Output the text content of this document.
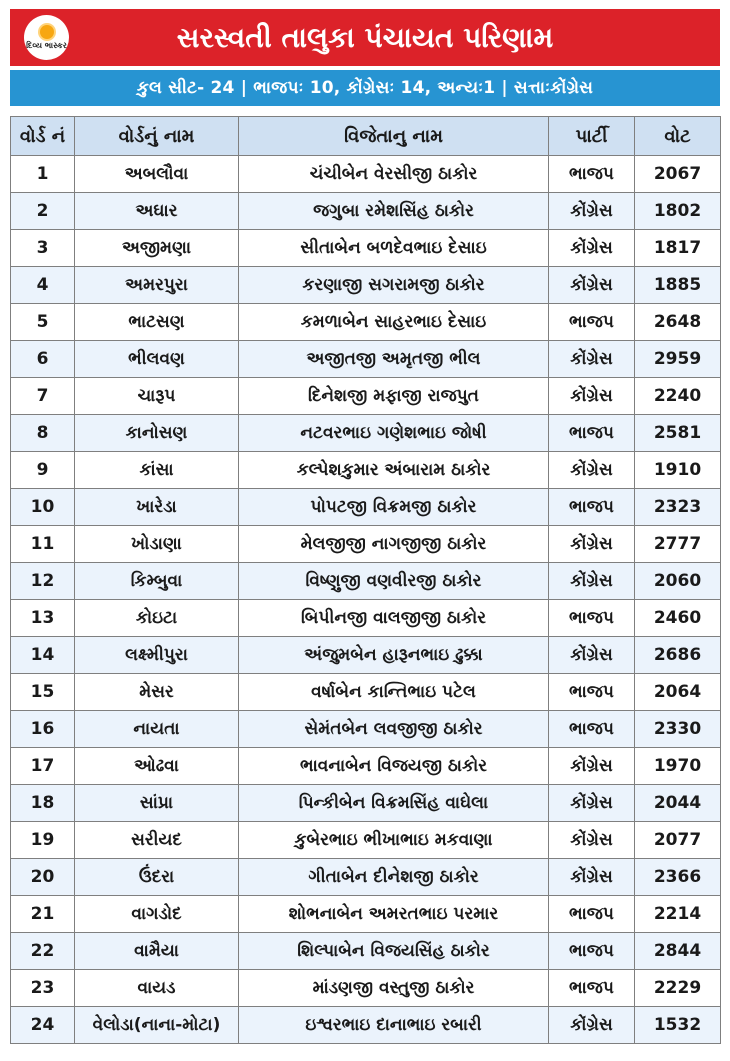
દિવ્ય ભાસ્કર	સરસ્વતી તાલુકા પંચાયત પરિણામ
કુલ સીટ- 24 | ભાજપઃ 10, કોંગ્રેસઃ 14, અન્યઃ1 | સત્તાઃકોંગ્રેસ
વોર્ડ નં	વોર્ડનું નામ	વિજેતાનુ નામ	પાર્ટી	વોટ
1	અબલૌવા	ચંચીબેન વેરસીજી ઠાકોર	ભાજપ	2067
2	અઘાર	જગુબા રમેશસિંહ ઠાકોર	કોંગ્રેસ	1802
3	અજીમણા	સીતાબેન બળદેવભાઇ દેસાઇ	કોંગ્રેસ	1817
4	અમરપુરા	કરણાજી સગરામજી ઠાકોર	કોંગ્રેસ	1885
5	ભાટસણ	કમળાબેન સાહરભાઇ દેસાઇ	ભાજપ	2648
6	ભીલવણ	અજીતજી અમૃતજી ભીલ	કોંગ્રેસ	2959
7	ચારૂપ	દિનેશજી મફાજી રાજપુત	કોંગ્રેસ	2240
8	કાનોસણ	નટવરભાઇ ગણેશભાઇ જોષી	ભાજપ	2581
9	કાંસા	કલ્પેશકુમાર અંબારામ ઠાકોર	કોંગ્રેસ	1910
10	ખારેડા	પોપટજી વિક્રમજી ઠાકોર	ભાજપ	2323
11	ખોડાણા	મેલજીજી નાગજીજી ઠાકોર	કોંગ્રેસ	2777
12	કિમ્બુવા	વિષ્ણુજી વણવીરજી ઠાકોર	કોંગ્રેસ	2060
13	કોઇટા	બિપીનજી વાલજીજી ઠાકોર	ભાજપ	2460
14	લક્ષ્મીપુરા	અંજુમબેન હારૂનભાઇ ઢુક્કા	કોંગ્રેસ	2686
15	મેસર	વર્ષાબેન કાન્તિભાઇ પટેલ	ભાજપ	2064
16	નાયતા	સેમંતબેન લવજીજી ઠાકોર	ભાજપ	2330
17	ઓઢવા	ભાવનાબેન વિજયજી ઠાકોર	કોંગ્રેસ	1970
18	સાંપ્રા	પિન્કીબેન વિક્રમસિંહ વાઘેલા	કોંગ્રેસ	2044
19	સરીયદ	કુબેરભાઇ ભીખાભાઇ મકવાણા	કોંગ્રેસ	2077
20	ઉંદરા	ગીતાબેન દીનેશજી ઠાકોર	કોંગ્રેસ	2366
21	વાગડોદ	શોભનાબેન અમરતભાઇ પરમાર	ભાજપ	2214
22	વામૈયા	શિલ્પાબેન વિજયસિંહ ઠાકોર	ભાજપ	2844
23	વાયડ	માંડણજી વસ્તુજી ઠાકોર	ભાજપ	2229
24	વેલોડા(નાના-મોટા)	ઇશ્વરભાઇ દાનાભાઇ રબારી	કોંગ્રેસ	1532
